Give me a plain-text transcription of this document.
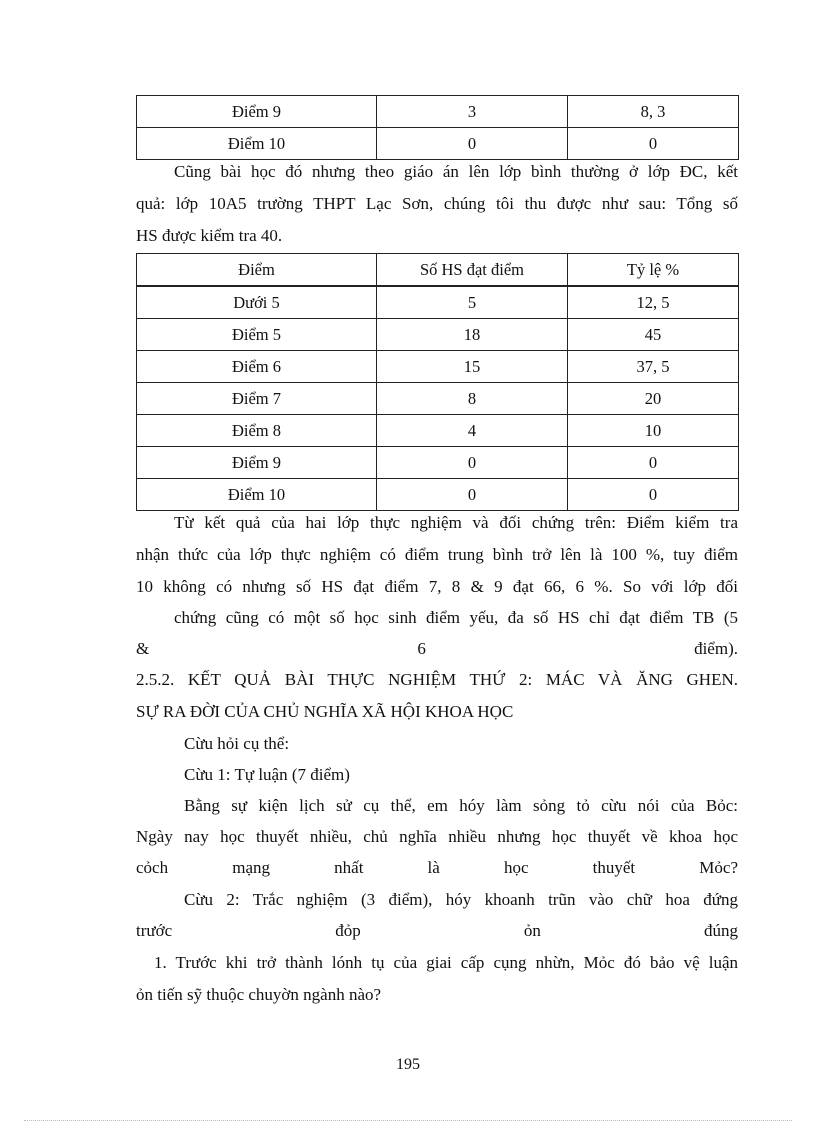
Điểm 9	3	8, 3
Điểm 10	0	0
Cũng bài học đó nhưng theo giáo án lên lớp bình thường ở lớp ĐC, kết
quả: lớp 10A5 trường THPT Lạc Sơn, chúng tôi thu được như sau: Tổng số
HS được kiểm tra 40.
Điểm	Số HS đạt điểm	Tỷ lệ %
Dưới 5	5	12, 5
Điểm 5	18	45
Điểm 6	15	37, 5
Điểm 7	8	20
Điểm 8	4	10
Điểm 9	0	0
Điểm 10	0	0
Từ kết quả của hai lớp thực nghiệm và đối chứng trên: Điểm kiểm tra
nhận thức của lớp thực nghiệm có điểm trung bình trở lên là 100 %, tuy điểm
10 không có nhưng số HS đạt điểm 7, 8 & 9 đạt 66, 6 %. So với lớp đối
chứng cũng có một số học sinh điểm yếu, đa số HS chỉ đạt điểm TB (5
& 6 điểm).
2.5.2. KẾT QUẢ BÀI THỰC NGHIỆM THỨ 2: MÁC VÀ ĂNG GHEN.
SỰ RA ĐỜI CỦA CHỦ NGHĨA XÃ HỘI KHOA HỌC
Cừu hỏi cụ thể:
Cừu 1: Tự luận (7 điểm)
Bằng sự kiện lịch sử cụ thể, em hóy làm sỏng tỏ cừu nói của Bỏc:
Ngày nay học thuyết nhiều, chủ nghĩa nhiều nhưng học thuyết về khoa học
cỏch mạng nhất là học thuyết Mỏc?
Cừu 2: Trắc nghiệm (3 điểm), hóy khoanh trũn vào chữ hoa đứng
trước đỏp ỏn đúng
1. Trước khi trở thành lónh tụ của giai cấp cụng nhừn, Mỏc đó bảo vệ luận
ỏn tiến sỹ thuộc chuyờn ngành nào?
195
